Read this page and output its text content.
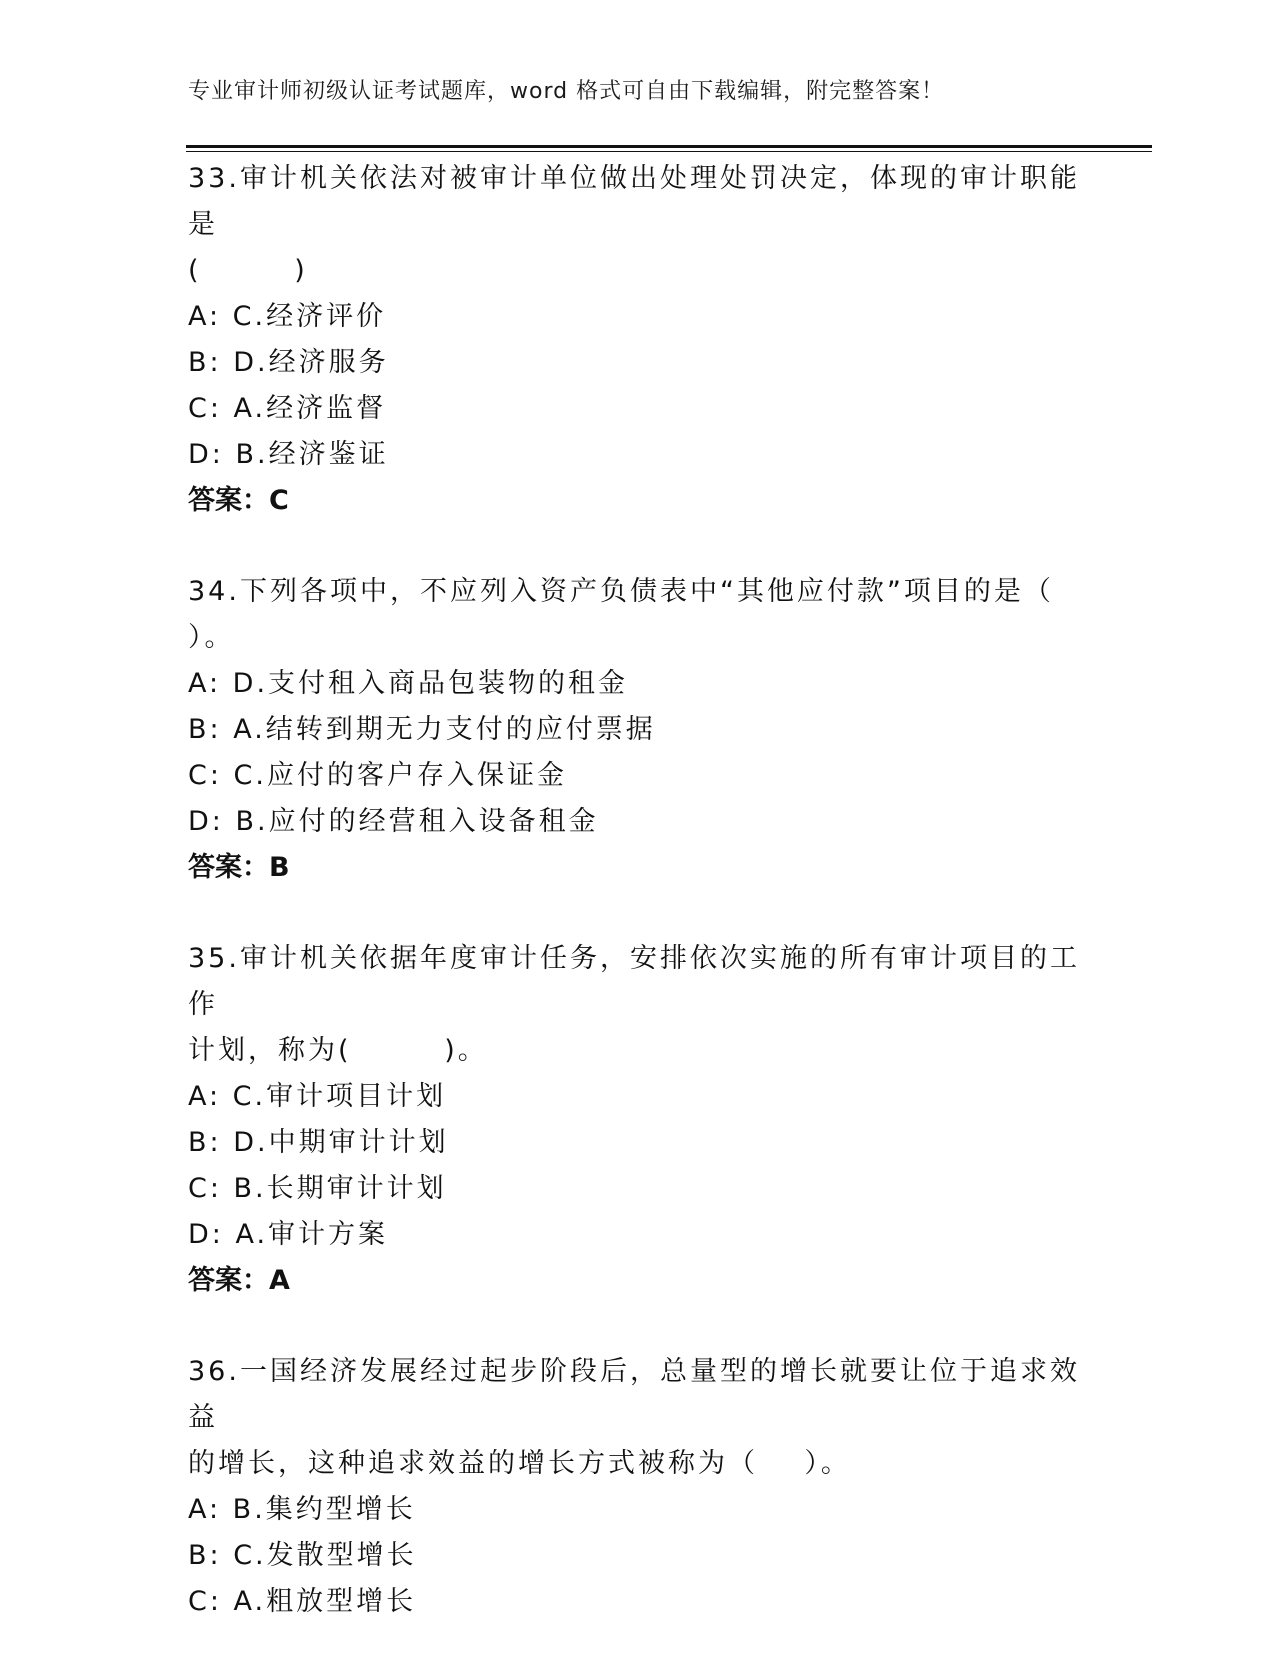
专业审计师初级认证考试题库，word 格式可自由下载编辑，附完整答案！

33.审计机关依法对被审计单位做出处理处罚决定，体现的审计职能是

(        )

A: C.经济评价

B: D.经济服务

C: A.经济监督

D: B.经济鉴证

答案：C

34.下列各项中，不应列入资产负债表中“其他应付款”项目的是（

）。

A: D.支付租入商品包装物的租金

B: A.结转到期无力支付的应付票据

C: C.应付的客户存入保证金

D: B.应付的经营租入设备租金

答案：B

35.审计机关依据年度审计任务，安排依次实施的所有审计项目的工作

计划，称为(        )。

A: C.审计项目计划

B: D.中期审计计划

C: B.长期审计计划

D: A.审计方案

答案：A

36.一国经济发展经过起步阶段后，总量型的增长就要让位于追求效益

的增长，这种追求效益的增长方式被称为（    ）。

A: B.集约型增长

B: C.发散型增长

C: A.粗放型增长
